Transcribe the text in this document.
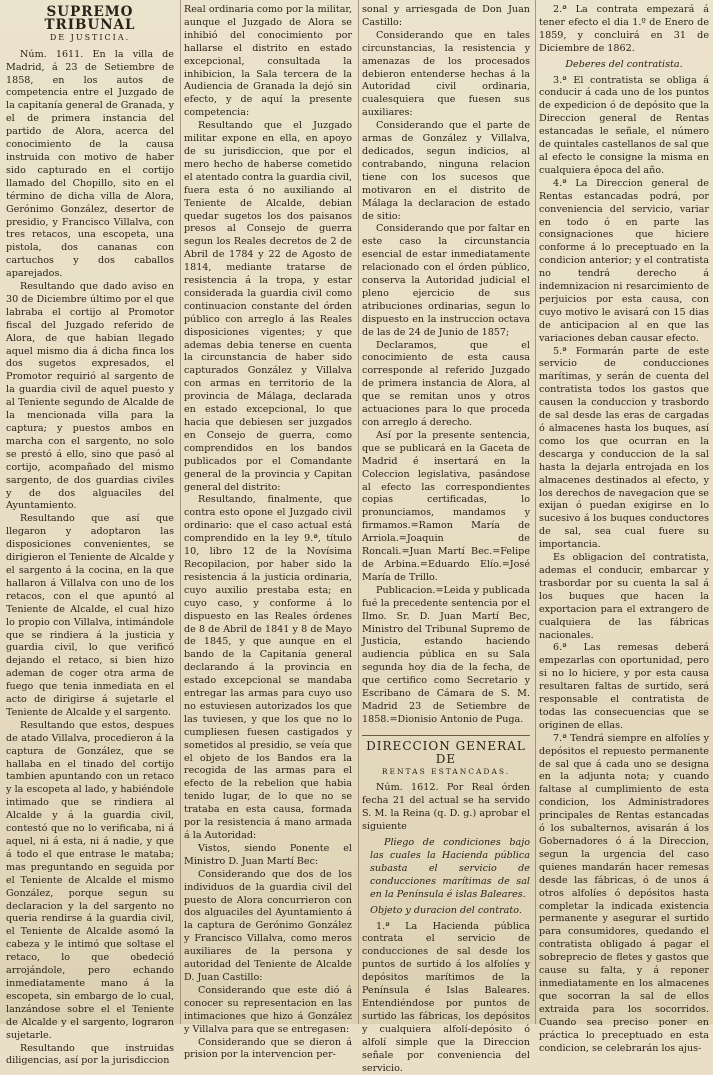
SUPREMO TRIBUNAL

DE JUSTICIA.

Núm. 1611. En la villa de Madrid, á 23 de Setiembre de 1858, en los autos de competencia entre el Juzgado de la capitanía general de Granada, y el de primera instancia del partido de Alora, acerca del conocimiento de la causa instruida con motivo de haber sido capturado en el cortijo llamado del Chopillo, sito en el término de dicha villa de Alora, Gerónimo González, desertor de presidio, y Francisco Villalva, con tres retacos, una escopeta, una pistola, dos cananas con cartuchos y dos caballos aparejados.

Resultando que dado aviso en 30 de Diciembre último por el que labraba el cortijo al Promotor fiscal del Juzgado referido de Alora, de que habian llegado aquel mismo dia á dicha finca los dos sugetos expresados, el Promotor requirió al sargento de la guardia civil de aquel puesto y al Teniente segundo de Alcalde de la mencionada villa para la captura; y puestos ambos en marcha con el sargento, no solo se prestó á ello, sino que pasó al cortijo, acompañado del mismo sargento, de dos guardias civiles y de dos alguaciles del Ayuntamiento.

Resultando que así que llegaron y adoptaron las disposiciones convenientes, se dirigieron el Teniente de Alcalde y el sargento á la cocina, en la que hallaron á Villalva con uno de los retacos, con el que apuntó al Teniente de Alcalde, el cual hizo lo propio con Villalva, intimándole que se rindiera á la justicia y guardia civil, lo que verificó dejando el retaco, si bien hizo ademan de coger otra arma de fuego que tenia inmediata en el acto de dirigirse á sujetarle el Teniente de Alcalde y el sargento.

Resultando que estos, despues de atado Villalva, procedieron á la captura de González, que se hallaba en el tinado del cortijo tambien apuntando con un retaco y la escopeta al lado, y habiéndole intimado que se rindiera al Alcalde y á la guardia civil, contestó que no lo verificaba, ni á aquel, ni á esta, ni á nadie, y que á todo el que entrase le mataba; mas preguntando en seguida por el Teniente de Alcalde el mismo González, porque segun su declaracion y la del sargento no queria rendirse á la guardia civil, el Teniente de Alcalde asomó la cabeza y le intimó que soltase el retaco, lo que obedeció arrojándole, pero echando inmediatamente mano á la escopeta, sin embargo de lo cual, lanzándose sobre el el Teniente de Alcalde y el sargento, lograron sujetarle.

Resultando que instruidas diligencias, así por la jurisdiccion

Real ordinaria como por la militar, aunque el Juzgado de Alora se inhibió del conocimiento por hallarse el distrito en estado excepcional, consultada la inhibicion, la Sala tercera de la Audiencia de Granada la dejó sin efecto, y de aquí la presente competencia:

Resultando que el Juzgado militar expone en ella, en apoyo de su jurisdiccion, que por el mero hecho de haberse cometido el atentado contra la guardia civil, fuera esta ó no auxiliando al Teniente de Alcalde, debian quedar sugetos los dos paisanos presos al Consejo de guerra segun los Reales decretos de 2 de Abril de 1784 y 22 de Agosto de 1814, mediante tratarse de resistencia á la tropa, y estar considerada la guardia civil como continuacion constante del órden público con arreglo á las Reales disposiciones vigentes; y que ademas debia tenerse en cuenta la circunstancia de haber sido capturados González y Villalva con armas en territorio de la provincia de Málaga, declarada en estado excepcional, lo que hacia que debiesen ser juzgados en Consejo de guerra, como comprendidos en los bandos publicados por el Comandante general de la provincia y Capitan general del distrito:

Resultando, finalmente, que contra esto opone el Juzgado civil ordinario: que el caso actual está comprendido en la ley 9.ª, título 10, libro 12 de la Novísima Recopilacion, por haber sido la resistencia á la justicia ordinaria, cuyo auxilio prestaba esta; en cuyo caso, y conforme á lo dispuesto en las Reales órdenes de 8 de Abril de 1841 y 8 de Mayo de 1845, y que aunque en el bando de la Capitanía general declarando á la provincia en estado excepcional se mandaba entregar las armas para cuyo uso no estuviesen autorizados los que las tuviesen, y que los que no lo cumpliesen fuesen castigados y sometidos al presidio, se veía que el objeto de los Bandos era la recogida de las armas para el efecto de la rebelion que habia tenido lugar, de lo que no se trataba en esta causa, formada por la resistencia á mano armada á la Autoridad:

Vistos, siendo Ponente el Ministro D. Juan Martí Bec:

Considerando que dos de los individuos de la guardia civil del puesto de Alora concurrieron con dos alguaciles del Ayuntamiento á la captura de Gerónimo González y Francisco Villalva, como meros auxiliares de la persona y autoridad del Teniente de Alcalde D. Juan Castillo:

Considerando que este dió á conocer su representacion en las intimaciones que hizo á González y Villalva para que se entregasen:

Considerando que se dieron á prision por la intervencion per-

sonal y arriesgada de Don Juan Castillo:

Considerando que en tales circunstancias, la resistencia y amenazas de los procesados debieron entenderse hechas á la Autoridad civil ordinaria, cualesquiera que fuesen sus auxiliares:

Considerando que el parte de armas de González y Villalva, dedicados, segun indicios, al contrabando, ninguna relacion tiene con los sucesos que motivaron en el distrito de Málaga la declaracion de estado de sitio:

Considerando que por faltar en este caso la circunstancia esencial de estar inmediatamente relacionado con el órden público, conserva la Autoridad judicial el pleno ejercicio de sus atribuciones ordinarias, segun lo dispuesto en la instruccion octava de las de 24 de Junio de 1857;

Declaramos, que el conocimiento de esta causa corresponde al referido Juzgado de primera instancia de Alora, al que se remitan unos y otros actuaciones para lo que proceda con arreglo á derecho.

Así por la presente sentencia, que se publicará en la Gaceta de Madrid é insertará en la Coleccion legislativa, pasándose al efecto las correspondientes copias certificadas, lo pronunciamos, mandamos y firmamos.=Ramon María de Arriola.=Joaquin de Roncali.=Juan Martí Bec.=Felipe de Arbina.=Eduardo Elío.=José María de Trillo.

Publicacion.=Leida y publicada fué la precedente sentencia por el Ilmo. Sr. D. Juan Martí Bec, Ministro del Tribunal Supremo de Justicia, estando haciendo audiencia pública en su Sala segunda hoy dia de la fecha, de que certifico como Secretario y Escribano de Cámara de S. M. Madrid 23 de Setiembre de 1858.=Dionisio Antonio de Puga.

DIRECCION GENERAL DE

RENTAS ESTANCADAS.

Núm. 1612. Por Real órden fecha 21 del actual se ha servido S. M. la Reina (q. D. g.) aprobar el siguiente

Pliego de condiciones bajo las cuales la Hacienda pública subasta el servicio de conducciones marítimas de sal en la Península é islas Baleares.

Objeto y duracion del contrato.

1.ª La Hacienda pública contrata el servicio de conducciones de sal desde los puntos de surtido á los alfolíes y depósitos marítimos de la Península é Islas Baleares. Entendiéndose por puntos de surtido las fábricas, los depósitos y cualquiera alfolí-depósito ó alfolí simple que la Direccion señale por conveniencia del servicio.

2.ª La contrata empezará á tener efecto el dia 1.º de Enero de 1859, y concluirá en 31 de Diciembre de 1862.

Deberes del contratista.

3.ª El contratista se obliga á conducir á cada uno de los puntos de expedicion ó de depósito que la Direccion general de Rentas estancadas le señale, el número de quintales castellanos de sal que al efecto le consigne la misma en cualquiera época del año.

4.ª La Direccion general de Rentas estancadas podrá, por conveniencia del servicio, variar en todo ó en parte las consignaciones que hiciere conforme á lo preceptuado en la condicion anterior; y el contratista no tendrá derecho á indemnizacion ni resarcimiento de perjuicios por esta causa, con cuyo motivo le avisará con 15 dias de anticipacion al en que las variaciones deban causar efecto.

5.ª Formarán parte de este servicio de conducciones marítimas, y serán de cuenta del contratista todos los gastos que causen la conduccion y trasbordo de sal desde las eras de cargadas ó almacenes hasta los buques, así como los que ocurran en la descarga y conduccion de la sal hasta la dejarla entrojada en los almacenes destinados al efecto, y los derechos de navegacion que se exijan ó puedan exigirse en lo sucesivo á los buques conductores de sal, sea cual fuere su importancia.

Es obligacion del contratista, ademas el conducir, embarcar y trasbordar por su cuenta la sal á los buques que hacen la exportacion para el extrangero de cualquiera de las fábricas nacionales.

6.ª Las remesas deberá empezarlas con oportunidad, pero si no lo hiciere, y por esta causa resultaren faltas de surtido, será responsable el contratista de todas las consecuencias que se originen de ellas.

7.ª Tendrá siempre en alfolíes y depósitos el repuesto permanente de sal que á cada uno se designa en la adjunta nota; y cuando faltase al cumplimiento de esta condicion, los Administradores principales de Rentas estancadas ó los subalternos, avisarán á los Gobernadores ó á la Direccion, segun la urgencia del caso quienes mandarán hacer remesas desde las fábricas, ó de unos á otros alfolíes ó depósitos hasta completar la indicada existencia permanente y asegurar el surtido para consumidores, quedando el contratista obligado á pagar el sobreprecio de fletes y gastos que cause su falta, y á reponer inmediatamente en los almacenes que socorran la sal de ellos extraida para los socorridos. Cuando sea preciso poner en práctica lo preceptuado en esta condicion, se celebrarán los ajus-
